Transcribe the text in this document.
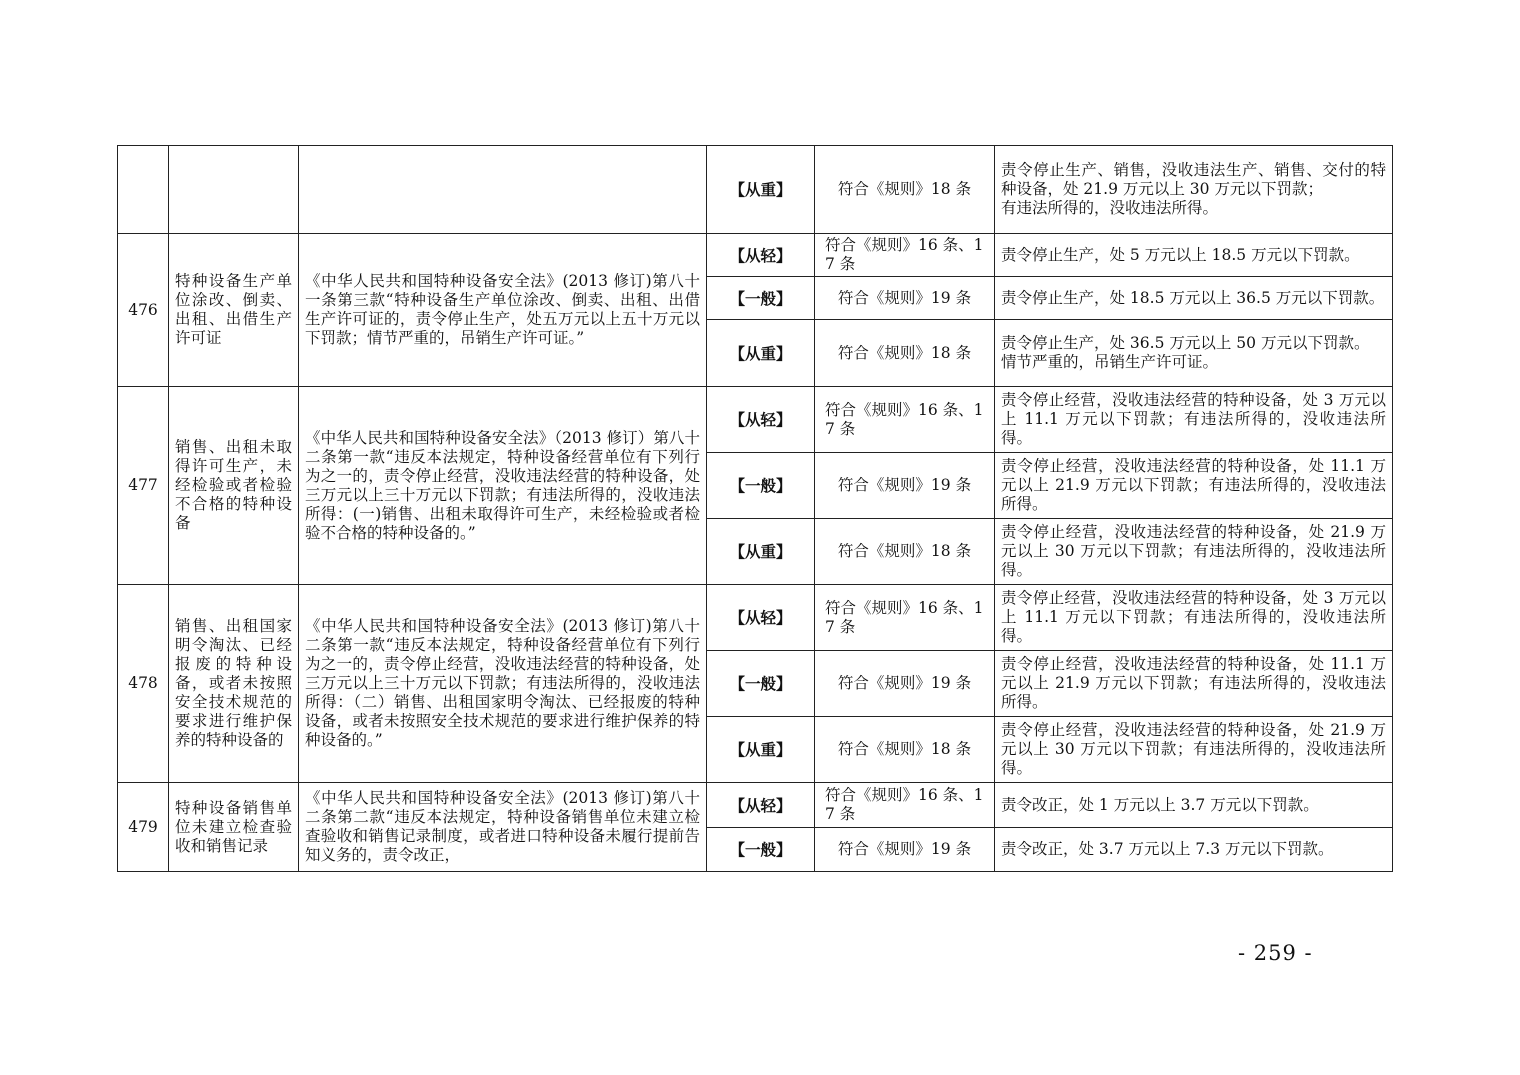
			【从重】	符合《规则》18 条	责令停止生产、销售，没收违法生产、销售、交付的特种设备，处 21.9 万元以上 30 万元以下罚款；
有违法所得的，没收违法所得。

476	特种设备生产单位涂改、倒卖、出租、出借生产许可证	《中华人民共和国特种设备安全法》(2013 修订)第八十一条第三款“特种设备生产单位涂改、倒卖、出租、出借生产许可证的，责令停止生产，处五万元以上五十万元以下罚款；情节严重的，吊销生产许可证。”	【从轻】	符合《规则》16 条、17 条	责令停止生产，处 5 万元以上 18.5 万元以下罚款。

			【一般】	符合《规则》19 条	责令停止生产，处 18.5 万元以上 36.5 万元以下罚款。

			【从重】	符合《规则》18 条	责令停止生产，处 36.5 万元以上 50 万元以下罚款。
情节严重的，吊销生产许可证。

477	销售、出租未取得许可生产，未经检验或者检验不合格的特种设备	《中华人民共和国特种设备安全法》（2013 修订）第八十二条第一款“违反本法规定，特种设备经营单位有下列行为之一的，责令停止经营，没收违法经营的特种设备，处三万元以上三十万元以下罚款；有违法所得的，没收违法所得：(一)销售、出租未取得许可生产，未经检验或者检验不合格的特种设备的。”	【从轻】	符合《规则》16 条、17 条	责令停止经营，没收违法经营的特种设备，处 3 万元以上 11.1 万元以下罚款；有违法所得的，没收违法所得。

			【一般】	符合《规则》19 条	责令停止经营，没收违法经营的特种设备，处 11.1 万元以上 21.9 万元以下罚款；有违法所得的，没收违法所得。

			【从重】	符合《规则》18 条	责令停止经营，没收违法经营的特种设备，处 21.9 万元以上 30 万元以下罚款；有违法所得的，没收违法所得。

478	销售、出租国家明令淘汰、已经报废的特种设备，或者未按照安全技术规范的要求进行维护保养的特种设备的	《中华人民共和国特种设备安全法》(2013 修订)第八十二条第一款“违反本法规定，特种设备经营单位有下列行为之一的，责令停止经营，没收违法经营的特种设备，处三万元以上三十万元以下罚款；有违法所得的，没收违法所得：（二）销售、出租国家明令淘汰、已经报废的特种设备，或者未按照安全技术规范的要求进行维护保养的特种设备的。”	【从轻】	符合《规则》16 条、17 条	责令停止经营，没收违法经营的特种设备，处 3 万元以上 11.1 万元以下罚款；有违法所得的，没收违法所得。

			【一般】	符合《规则》19 条	责令停止经营，没收违法经营的特种设备，处 11.1 万元以上 21.9 万元以下罚款；有违法所得的，没收违法所得。

			【从重】	符合《规则》18 条	责令停止经营，没收违法经营的特种设备，处 21.9 万元以上 30 万元以下罚款；有违法所得的，没收违法所得。

479	特种设备销售单位未建立检查验收和销售记录	《中华人民共和国特种设备安全法》(2013 修订)第八十二条第二款“违反本法规定，特种设备销售单位未建立检查验收和销售记录制度，或者进口特种设备未履行提前告知义务的，责令改正，	【从轻】	符合《规则》16 条、17 条	责令改正，处 1 万元以上 3.7 万元以下罚款。

			【一般】	符合《规则》19 条	责令改正，处 3.7 万元以上 7.3 万元以下罚款。
- 259 -
